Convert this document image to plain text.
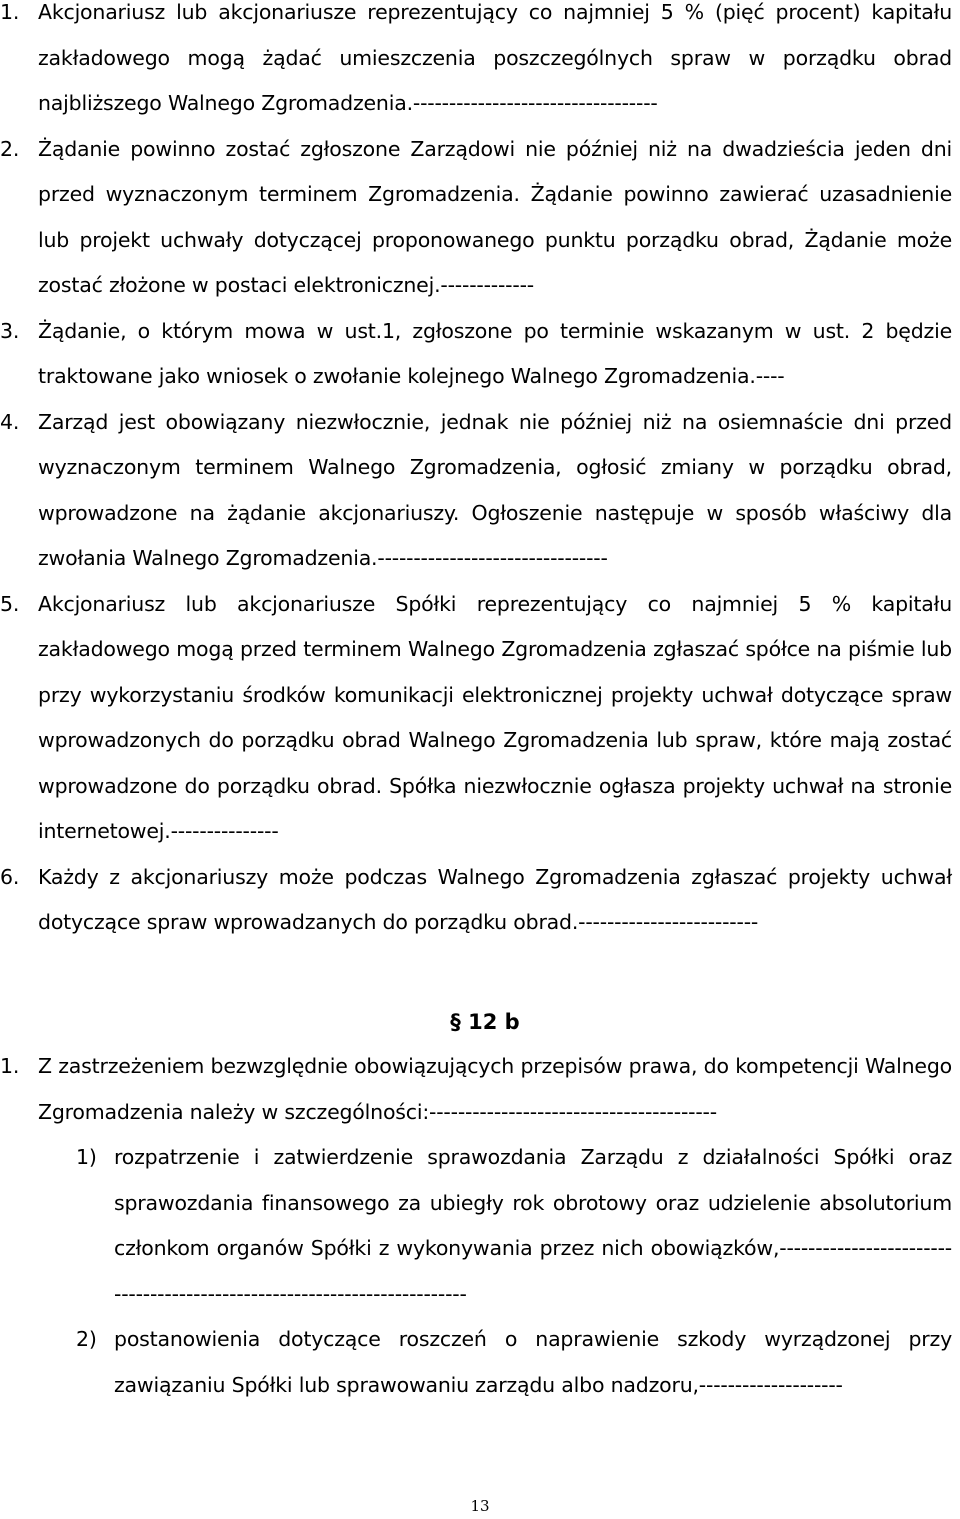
1. Akcjonariusz lub akcjonariusze reprezentujący co najmniej 5 % (pięć procent) kapitału zakładowego mogą żądać umieszczenia poszczególnych spraw w porządku obrad najbliższego Walnego Zgromadzenia.----------------------------------
2. Żądanie powinno zostać zgłoszone Zarządowi nie później niż na dwadzieścia jeden dni przed wyznaczonym terminem Zgromadzenia. Żądanie powinno zawierać uzasadnienie lub projekt uchwały dotyczącej proponowanego punktu porządku obrad, Żądanie może zostać złożone w postaci elektronicznej.-------------
3. Żądanie, o którym mowa w ust.1, zgłoszone po terminie wskazanym w ust. 2 będzie traktowane jako wniosek o zwołanie kolejnego Walnego Zgromadzenia.----
4. Zarząd jest obowiązany niezwłocznie, jednak nie później niż na osiemnaście dni przed wyznaczonym terminem Walnego Zgromadzenia, ogłosić zmiany w porządku obrad, wprowadzone na żądanie akcjonariuszy. Ogłoszenie następuje w sposób właściwy dla zwołania Walnego Zgromadzenia.--------------------------------
5. Akcjonariusz lub akcjonariusze Spółki reprezentujący co najmniej 5 % kapitału zakładowego mogą przed terminem Walnego Zgromadzenia zgłaszać spółce na piśmie lub przy wykorzystaniu środków komunikacji elektronicznej projekty uchwał dotyczące spraw wprowadzonych do porządku obrad Walnego Zgromadzenia lub spraw, które mają zostać wprowadzone do porządku obrad. Spółka niezwłocznie ogłasza projekty uchwał na stronie internetowej.---------------
6. Każdy z akcjonariuszy może podczas Walnego Zgromadzenia zgłaszać projekty uchwał dotyczące spraw wprowadzanych do porządku obrad.-------------------------
§ 12 b
1. Z zastrzeżeniem bezwzględnie obowiązujących przepisów prawa, do kompetencji Walnego Zgromadzenia należy w szczególności:----------------------------------------
1) rozpatrzenie i zatwierdzenie sprawozdania Zarządu z działalności Spółki oraz sprawozdania finansowego za ubiegły rok obrotowy oraz udzielenie absolutorium członkom organów Spółki z wykonywania przez nich obowiązków,-------------------------------------------------------------------------
2) postanowienia dotyczące roszczeń o naprawienie szkody wyrządzonej przy zawiązaniu Spółki lub sprawowaniu zarządu albo nadzoru,--------------------
13
